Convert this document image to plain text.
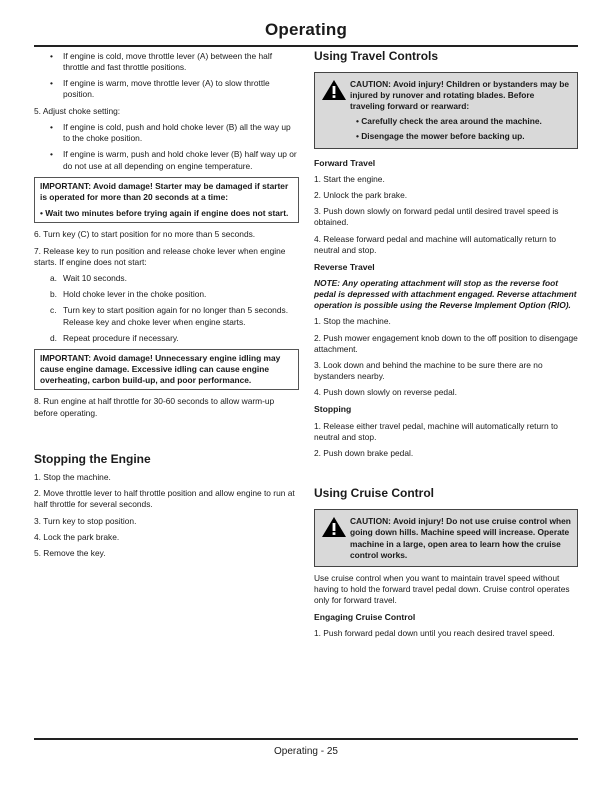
Operating
• If engine is cold, move throttle lever (A) between the half throttle and fast throttle positions.
• If engine is warm, move throttle lever (A) to slow throttle position.

5. Adjust choke setting:

• If engine is cold, push and hold choke lever (B) all the way up to the choke position.
• If engine is warm, push and hold choke lever (B) half way up or do not use at all depending on engine temperature.

IMPORTANT: Avoid damage! Starter may be damaged if starter is operated for more than 20 seconds at a time:

• Wait two minutes before trying again if engine does not start.

6. Turn key (C) to start position for no more than 5 seconds.

7. Release key to run position and release choke lever when engine starts. If engine does not start:

a. Wait 10 seconds.
b. Hold choke lever in the choke position.
c. Turn key to start position again for no longer than 5 seconds. Release key and choke lever when engine starts.
d. Repeat procedure if necessary.

IMPORTANT: Avoid damage! Unnecessary engine idling may cause engine damage. Excessive idling can cause engine overheating, carbon build-up, and poor performance.

8. Run engine at half throttle for 30-60 seconds to allow warm-up before operating.

Stopping the Engine

1. Stop the machine.

2. Move throttle lever to half throttle position and allow engine to run at half throttle for several seconds.

3. Turn key to stop position.

4. Lock the park brake.

5. Remove the key.

Using Travel Controls

CAUTION: Avoid injury! Children or bystanders may be injured by runover and rotating blades. Before traveling forward or rearward:

• Carefully check the area around the machine.

• Disengage the mower before backing up.

Forward Travel

1. Start the engine.

2. Unlock the park brake.

3. Push down slowly on forward pedal until desired travel speed is obtained.

4. Release forward pedal and machine will automatically return to neutral and stop.

Reverse Travel

NOTE: Any operating attachment will stop as the reverse foot pedal is depressed with attachment engaged. Reverse attachment operation is possible using the Reverse Implement Option (RIO).

1. Stop the machine.

2. Push mower engagement knob down to the off position to disengage attachment.

3. Look down and behind the machine to be sure there are no bystanders nearby.

4. Push down slowly on reverse pedal.

Stopping

1. Release either travel pedal, machine will automatically return to neutral and stop.

2. Push down brake pedal.

Using Cruise Control

CAUTION: Avoid injury! Do not use cruise control when going down hills. Machine speed will increase. Operate machine in a large, open area to learn how the cruise control works.

Use cruise control when you want to maintain travel speed without having to hold the forward travel pedal down. Cruise control operates only for forward travel.

Engaging Cruise Control

1. Push forward pedal down until you reach desired travel speed.

Operating - 25
